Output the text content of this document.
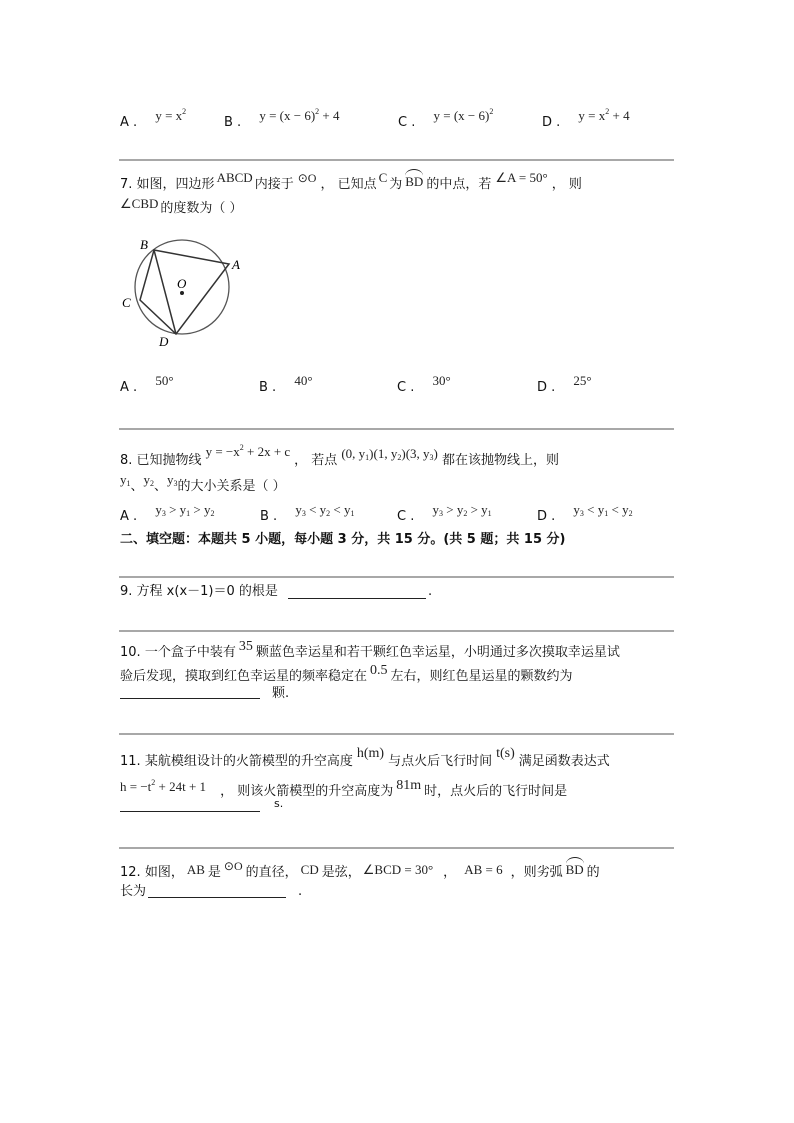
A . $y = x^2$
B . $y = (x - 6)^2 + 4$	C . $y = (x - 6)^2$
D . $y = x^2 + 4$
7. 如图，四边形 ABCD 内接于 ⊙O ， 已知点 C 为 BD 的中点，若 ∠A = 50° ， 则
∠CBD 的度数为（ ）
B
A
C
D
O
A . 50°	B . 40°	C . 30°	D . 25°
8. 已知抛物线$y = -x^2 + 2x + c$， 若点 (0, $y_1)(1$, $y_2)(3$, $y_3$) 都在该抛物线上，则
$y_1$、$y_2$、$y_3$的大小关系是（ ）
A . $y_3 > y_1 > y_2$	B . $y_3 < y_2 < y_1$	C . $y_3 > y_2 > y_1$	D . $y_3 < y_1 < y_2$
二、填空题：本题共 5 小题，每小题 3 分，共 15 分。(共 5 题；共 15 分)
9. 方程 x(x－1)＝0 的根是	.
10. 一个盒子中装有 35 颗蓝色幸运星和若干颗红色幸运星，小明通过多次摸取幸运星试
验后发现，摸取到红色幸运星的频率稳定在 0.5 左右，则红色星运星的颗数约为
颗.
11. 某航模组设计的火箭模型的升空高度h(m)与点火后飞行时间t(s)满足函数表达式
$h = -t^2 + 24t + 1$ ， 则该火箭模型的升空高度为 81m 时，点火后的飞行时间是
s.
12. 如图， AB 是 ⊙O 的直径， CD 是弦， ∠BCD = 30° ， AB = 6 ，则劣弧 BD 的
长为	.
